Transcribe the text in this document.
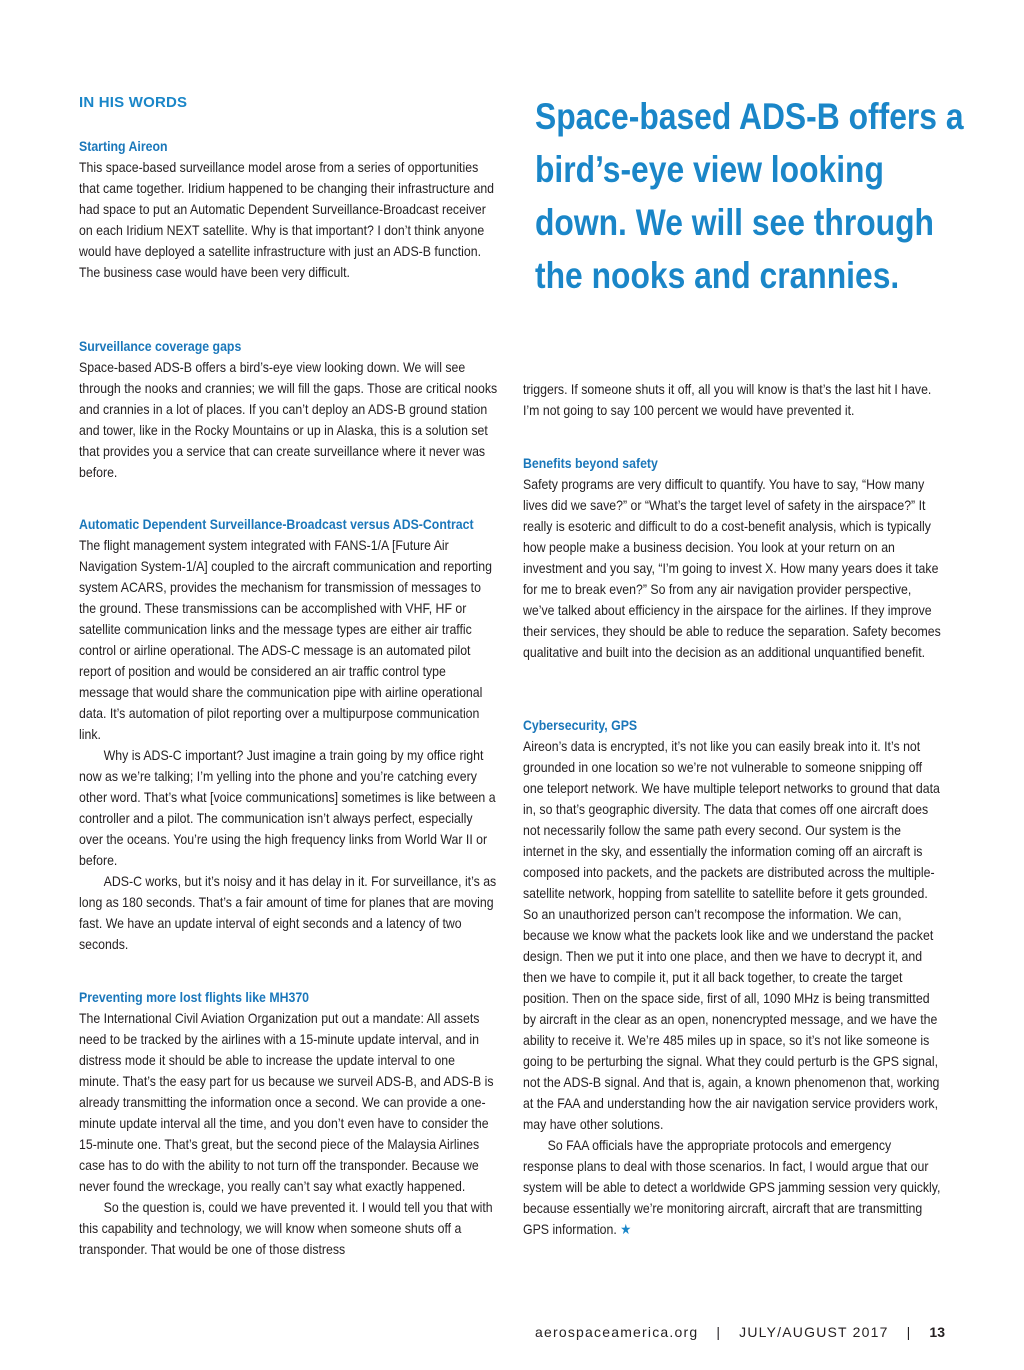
IN HIS WORDS	Space-based ADS-B offers a bird’s-eye view looking down. We will see through the nooks and crannies.
Starting Aireon

This space-based surveillance model arose from a series of opportunities that came together. Iridium happened to be changing their infrastructure and had space to put an Automatic Dependent Surveillance-Broadcast receiver on each Iridium NEXT satellite. Why is that important? I don’t think anyone would have deployed a satellite infrastructure with just an ADS-B function. The business case would have been very difficult.

Surveillance coverage gaps

Space-based ADS-B offers a bird’s-eye view looking down. We will see through the nooks and crannies; we will fill the gaps. Those are critical nooks and crannies in a lot of places. If you can’t deploy an ADS-B ground station and tower, like in the Rocky Mountains or up in Alaska, this is a solution set that provides you a service that can create surveillance where it never was before.

Automatic Dependent Surveillance-Broadcast versus ADS-Contract

The flight management system integrated with FANS-1/A [Future Air Navigation System-1/A] coupled to the aircraft communication and reporting system ACARS, provides the mechanism for transmission of messages to the ground. These transmissions can be accomplished with VHF, HF or satellite communication links and the message types are either air traffic control or airline operational. The ADS-C message is an automated pilot report of position and would be considered an air traffic control type message that would share the communication pipe with airline operational data. It’s automation of pilot reporting over a multipurpose communication link.

Why is ADS-C important? Just imagine a train going by my office right now as we’re talking; I’m yelling into the phone and you’re catching every other word. That’s what [voice communications] sometimes is like between a controller and a pilot. The communication isn’t always perfect, especially over the oceans. You’re using the high frequency links from World War II or before.

ADS-C works, but it’s noisy and it has delay in it. For surveillance, it’s as long as 180 seconds. That’s a fair amount of time for planes that are moving fast. We have an update interval of eight seconds and a latency of two seconds.

Preventing more lost flights like MH370

The International Civil Aviation Organization put out a mandate: All assets need to be tracked by the airlines with a 15-minute update interval, and in distress mode it should be able to increase the update interval to one minute. That’s the easy part for us because we surveil ADS-B, and ADS-B is already transmitting the information once a second. We can provide a one-minute update interval all the time, and you don’t even have to consider the 15-minute one. That’s great, but the second piece of the Malaysia Airlines case has to do with the ability to not turn off the transponder. Because we never found the wreckage, you really can’t say what exactly happened.

So the question is, could we have prevented it. I would tell you that with this capability and technology, we will know when someone shuts off a transponder. That would be one of those distress

triggers. If someone shuts it off, all you will know is that’s the last hit I have. I’m not going to say 100 percent we would have prevented it.

Benefits beyond safety

Safety programs are very difficult to quantify. You have to say, “How many lives did we save?” or “What’s the target level of safety in the airspace?” It really is esoteric and difficult to do a cost-benefit analysis, which is typically how people make a business decision. You look at your return on an investment and you say, “I’m going to invest X. How many years does it take for me to break even?” So from any air navigation provider perspective, we’ve talked about efficiency in the airspace for the airlines. If they improve their services, they should be able to reduce the separation. Safety becomes qualitative and built into the decision as an additional unquantified benefit.

Cybersecurity, GPS

Aireon’s data is encrypted, it’s not like you can easily break into it. It’s not grounded in one location so we’re not vulnerable to someone snipping off one teleport network. We have multiple teleport networks to ground that data in, so that’s geographic diversity. The data that comes off one aircraft does not necessarily follow the same path every second. Our system is the internet in the sky, and essentially the information coming off an aircraft is composed into packets, and the packets are distributed across the multiple-satellite network, hopping from satellite to satellite before it gets grounded. So an unauthorized person can’t recompose the information. We can, because we know what the packets look like and we understand the packet design. Then we put it into one place, and then we have to decrypt it, and then we have to compile it, put it all back together, to create the target position. Then on the space side, first of all, 1090 MHz is being transmitted by aircraft in the clear as an open, nonencrypted message, and we have the ability to receive it. We’re 485 miles up in space, so it’s not like someone is going to be perturbing the signal. What they could perturb is the GPS signal, not the ADS-B signal. And that is, again, a known phenomenon that, working at the FAA and understanding how the air navigation service providers work, may have other solutions.

So FAA officials have the appropriate protocols and emergency response plans to deal with those scenarios. In fact, I would argue that our system will be able to detect a worldwide GPS jamming session very quickly, because essentially we’re monitoring aircraft, aircraft that are transmitting GPS information. ★

aerospaceamerica.org | JULY/AUGUST 2017 | 13
